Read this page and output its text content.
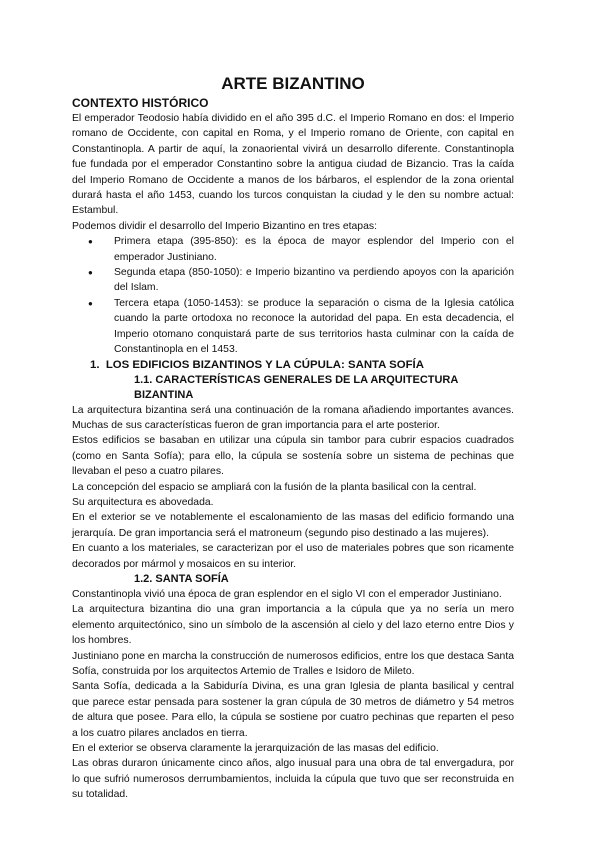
ARTE BIZANTINO
CONTEXTO HISTÓRICO

El emperador Teodosio había dividido en el año 395 d.C. el Imperio Romano en dos: el Imperio romano de Occidente, con capital en Roma, y el Imperio romano de Oriente, con capital en Constantinopla. A partir de aquí, la zonaoriental vivirá un desarrollo diferente. Constantinopla fue fundada por el emperador Constantino sobre la antigua ciudad de Bizancio. Tras la caída del Imperio Romano de Occidente a manos de los bárbaros, el esplendor de la zona oriental durará hasta el año 1453, cuando los turcos conquistan la ciudad y le den su nombre actual: Estambul.

Podemos dividir el desarrollo del Imperio Bizantino en tres etapas:

● Primera etapa (395-850): es la época de mayor esplendor del Imperio con el emperador Justiniano.
● Segunda etapa (850-1050): e Imperio bizantino va perdiendo apoyos con la aparición del Islam.
● Tercera etapa (1050-1453): se produce la separación o cisma de la Iglesia católica cuando la parte ortodoxa no reconoce la autoridad del papa. En esta decadencia, el Imperio otomano conquistará parte de sus territorios hasta culminar con la caída de Constantinopla en el 1453.
1.  LOS EDIFICIOS BIZANTINOS Y LA CÚPULA: SANTA SOFÍA
1.1. CARACTERÍSTICAS GENERALES DE LA ARQUITECTURA BIZANTINA

La arquitectura bizantina será una continuación de la romana añadiendo importantes avances. Muchas de sus características fueron de gran importancia para el arte posterior.

Estos edificios se basaban en utilizar una cúpula sin tambor para cubrir espacios cuadrados (como en Santa Sofía); para ello, la cúpula se sostenía sobre un sistema de pechinas que llevaban el peso a cuatro pilares.

La concepción del espacio se ampliará con la fusión de la planta basilical con la central.

Su arquitectura es abovedada.

En el exterior se ve notablemente el escalonamiento de las masas del edificio formando una jerarquía. De gran importancia será el matroneum (segundo piso destinado a las mujeres).

En cuanto a los materiales, se caracterizan por el uso de materiales pobres que son ricamente decorados por mármol y mosaicos en su interior.

1.2. SANTA SOFÍA

Constantinopla vivió una época de gran esplendor en el siglo VI con el emperador Justiniano.

La arquitectura bizantina dio una gran importancia a la cúpula que ya no sería un mero elemento arquitectónico, sino un símbolo de la ascensión al cielo y del lazo eterno entre Dios y los hombres.

Justiniano pone en marcha la construcción de numerosos edificios, entre los que destaca Santa Sofía, construida por los arquitectos Artemio de Tralles e Isidoro de Mileto.

Santa Sofía, dedicada a la Sabiduría Divina, es una gran Iglesia de planta basilical y central que parece estar pensada para sostener la gran cúpula de 30 metros de diámetro y 54 metros de altura que posee. Para ello, la cúpula se sostiene por cuatro pechinas que reparten el peso a los cuatro pilares anclados en tierra.

En el exterior se observa claramente la jerarquización de las masas del edificio.

Las obras duraron únicamente cinco años, algo inusual para una obra de tal envergadura, por lo que sufrió numerosos derrumbamientos, incluida la cúpula que tuvo que ser reconstruida en su totalidad.
